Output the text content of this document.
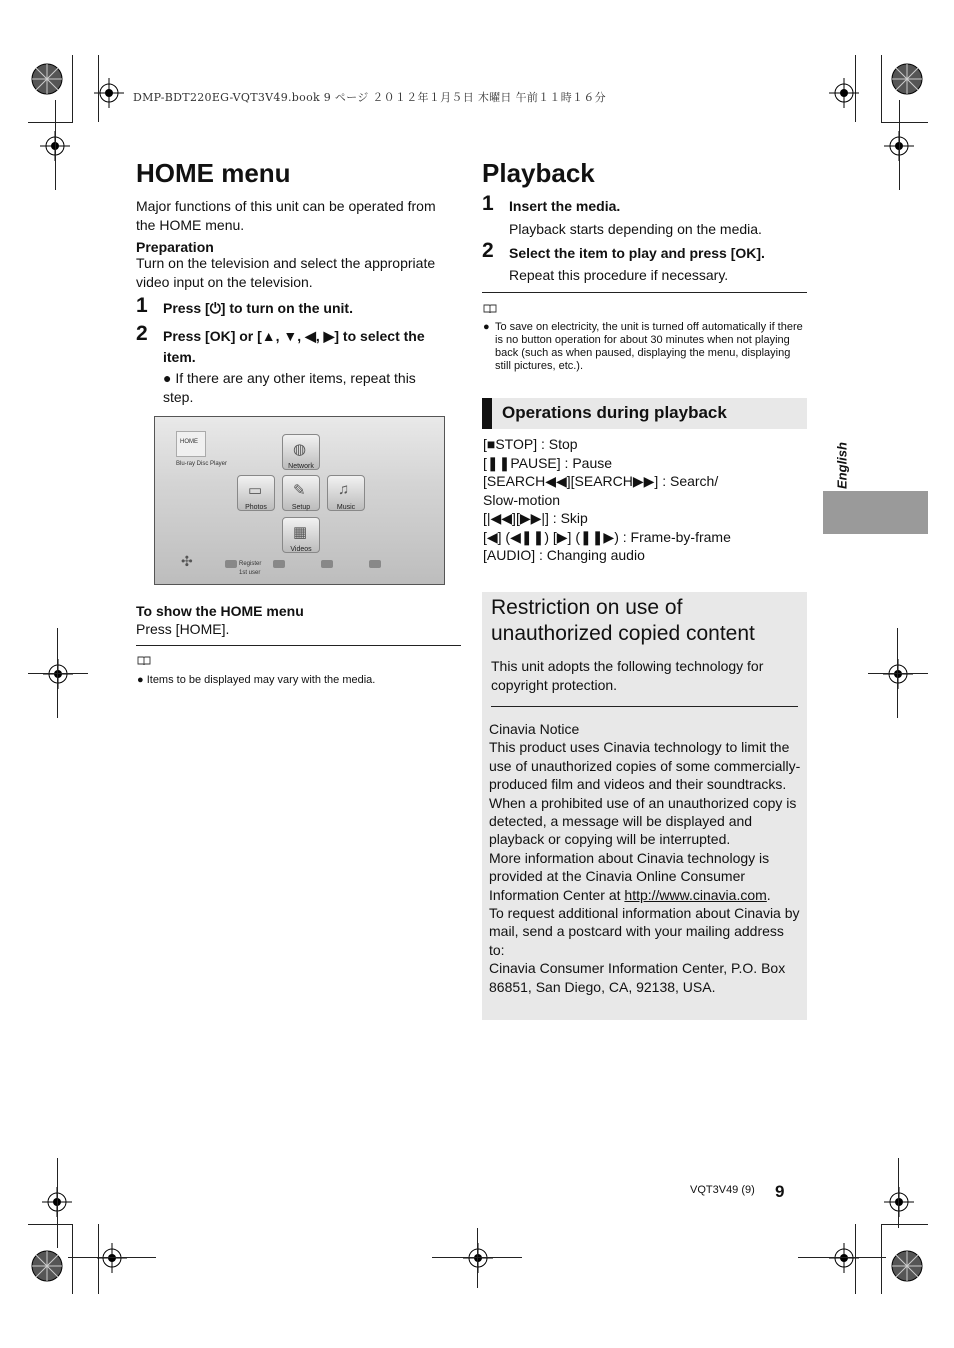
DMP-BDT220EG-VQT3V49.book 9 ページ ２０１２年１月５日 木曜日 午前１１時１６分
HOME menu
Major functions of this unit can be operated from the HOME menu.
Preparation
Turn on the television and select the appropriate video input on the television.
1 Press [⏻] to turn on the unit.
2 Press [OK] or [▲, ▼, ◀, ▶] to select the item.
● If there are any other items, repeat this step.
HOME
Blu-ray Disc Player
◍
Network
▭
Photos
✎
Setup
♫
Music
▦
Videos
✣	Register
1st user
To show the HOME menu
Press [HOME].
● Items to be displayed may vary with the media.
Playback
1 Insert the media.
Playback starts depending on the media.
2 Select the item to play and press [OK].
Repeat this procedure if necessary.
● To save on electricity, the unit is turned off automatically if there is no button operation for about 30 minutes when not playing back (such as when paused, displaying the menu, displaying still pictures, etc.).
Operations during playback
[■STOP] : Stop
[❚❚PAUSE] : Pause
[SEARCH◀◀][SEARCH▶▶] : Search/
Slow-motion
[|◀◀][▶▶|] : Skip
[◀] (◀❚❚) [▶] (❚❚▶) : Frame-by-frame
[AUDIO] : Changing audio
Restriction on use of unauthorized copied content
This unit adopts the following technology for copyright protection.
Cinavia Notice
This product uses Cinavia technology to limit the use of unauthorized copies of some commercially-produced film and videos and their soundtracks. When a prohibited use of an unauthorized copy is detected, a message will be displayed and playback or copying will be interrupted.
More information about Cinavia technology is provided at the Cinavia Online Consumer Information Center at http://www.cinavia.com.
To request additional information about Cinavia by mail, send a postcard with your mailing address to:
Cinavia Consumer Information Center, P.O. Box 86851, San Diego, CA, 92138, USA.
English
VQT3V49 (9) 9
